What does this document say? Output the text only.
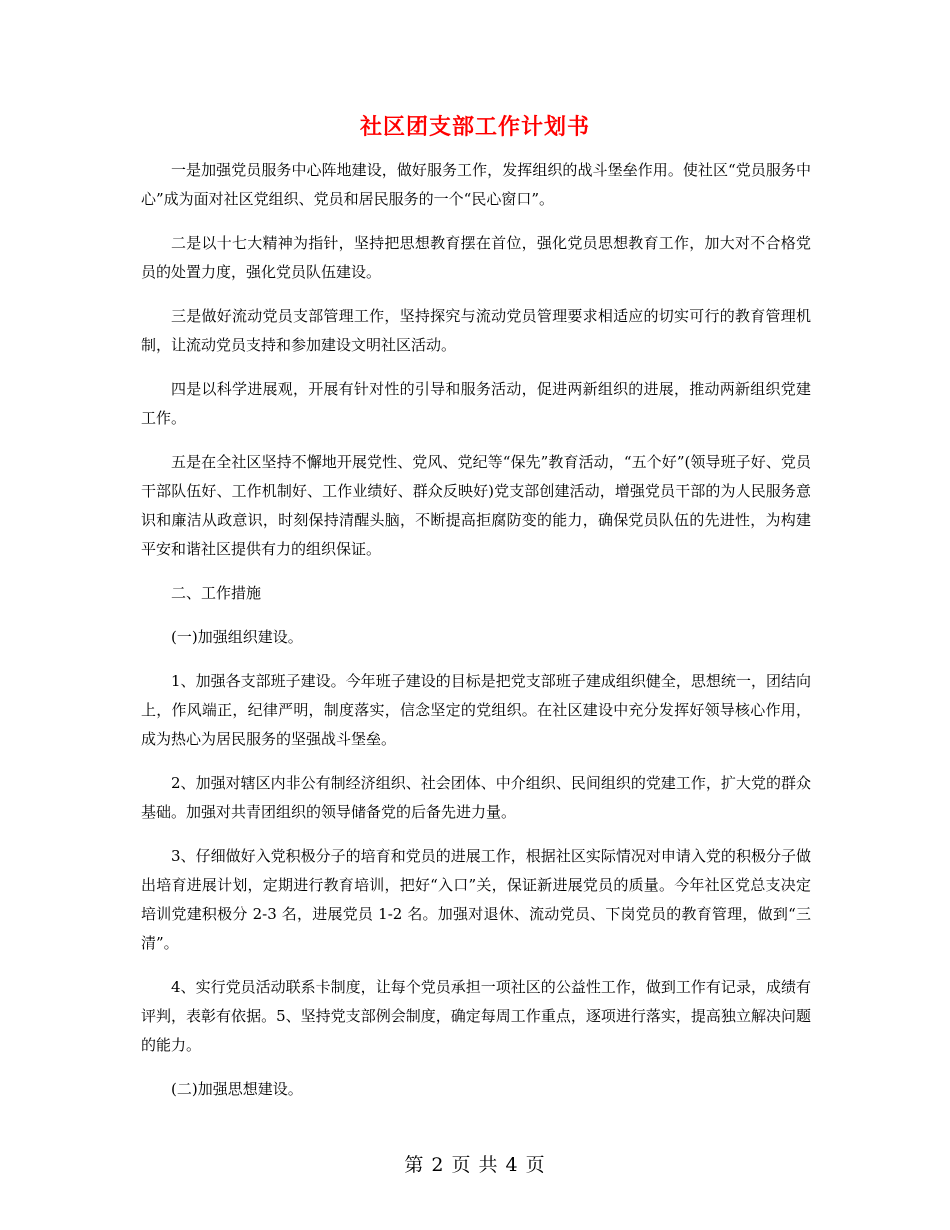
社区团支部工作计划书

一是加强党员服务中心阵地建设，做好服务工作，发挥组织的战斗堡垒作用。使社区“党员服务中心”成为面对社区党组织、党员和居民服务的一个“民心窗口”。

二是以十七大精神为指针，坚持把思想教育摆在首位，强化党员思想教育工作，加大对不合格党员的处置力度，强化党员队伍建设。

三是做好流动党员支部管理工作，坚持探究与流动党员管理要求相适应的切实可行的教育管理机制，让流动党员支持和参加建设文明社区活动。

四是以科学进展观，开展有针对性的引导和服务活动，促进两新组织的进展，推动两新组织党建工作。

五是在全社区坚持不懈地开展党性、党风、党纪等“保先”教育活动，“五个好”(领导班子好、党员干部队伍好、工作机制好、工作业绩好、群众反映好)党支部创建活动，增强党员干部的为人民服务意识和廉洁从政意识，时刻保持清醒头脑，不断提高拒腐防变的能力，确保党员队伍的先进性，为构建平安和谐社区提供有力的组织保证。

二、工作措施

(一)加强组织建设。

1、加强各支部班子建设。今年班子建设的目标是把党支部班子建成组织健全，思想统一，团结向上，作风端正，纪律严明，制度落实，信念坚定的党组织。在社区建设中充分发挥好领导核心作用，成为热心为居民服务的坚强战斗堡垒。

2、加强对辖区内非公有制经济组织、社会团体、中介组织、民间组织的党建工作，扩大党的群众基础。加强对共青团组织的领导储备党的后备先进力量。

3、仔细做好入党积极分子的培育和党员的进展工作，根据社区实际情况对申请入党的积极分子做出培育进展计划，定期进行教育培训，把好“入口”关，保证新进展党员的质量。今年社区党总支决定培训党建积极分 2-3 名，进展党员 1-2 名。加强对退休、流动党员、下岗党员的教育管理，做到“三清”。

4、实行党员活动联系卡制度，让每个党员承担一项社区的公益性工作，做到工作有记录，成绩有评判，表彰有依据。5、坚持党支部例会制度，确定每周工作重点，逐项进行落实，提高独立解决问题的能力。

(二)加强思想建设。

第 2 页 共 4 页
